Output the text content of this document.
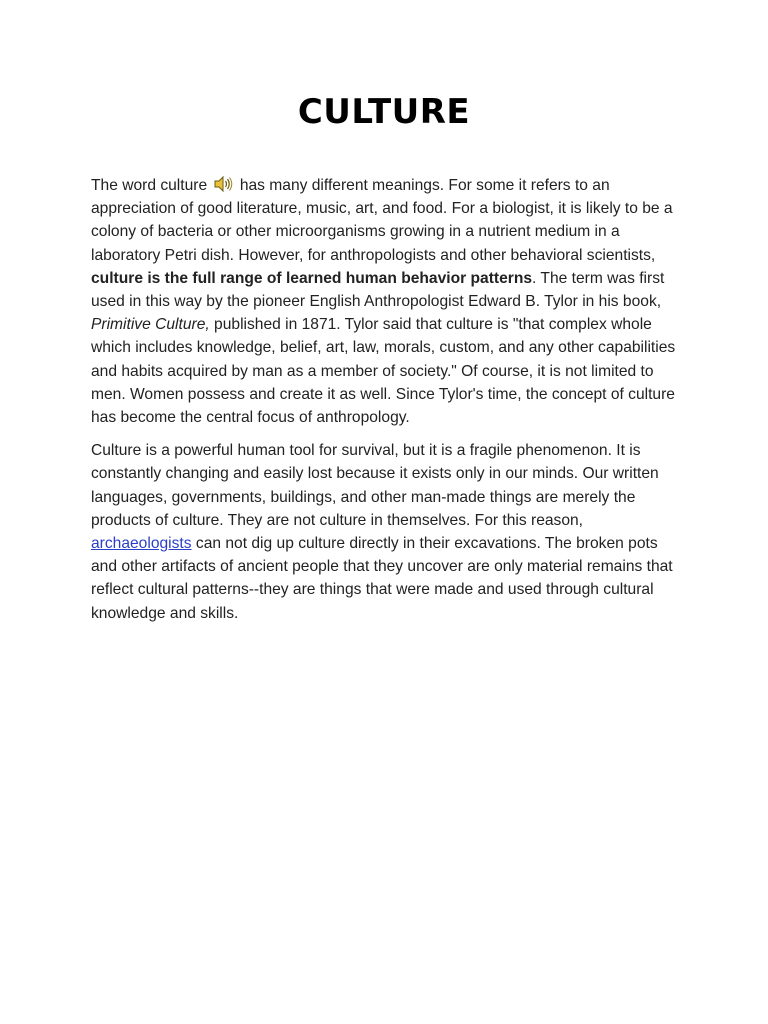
CULTURE

The word culture  has many different meanings. For some it refers to an appreciation of good literature, music, art, and food. For a biologist, it is likely to be a colony of bacteria or other microorganisms growing in a nutrient medium in a laboratory Petri dish. However, for anthropologists and other behavioral scientists, culture is the full range of learned human behavior patterns. The term was first used in this way by the pioneer English Anthropologist Edward B. Tylor in his book, Primitive Culture, published in 1871. Tylor said that culture is "that complex whole which includes knowledge, belief, art, law, morals, custom, and any other capabilities and habits acquired by man as a member of society." Of course, it is not limited to men. Women possess and create it as well. Since Tylor's time, the concept of culture has become the central focus of anthropology.

Culture is a powerful human tool for survival, but it is a fragile phenomenon. It is constantly changing and easily lost because it exists only in our minds. Our written languages, governments, buildings, and other man-made things are merely the products of culture. They are not culture in themselves. For this reason, archaeologists can not dig up culture directly in their excavations. The broken pots and other artifacts of ancient people that they uncover are only material remains that reflect cultural patterns--they are things that were made and used through cultural knowledge and skills.
